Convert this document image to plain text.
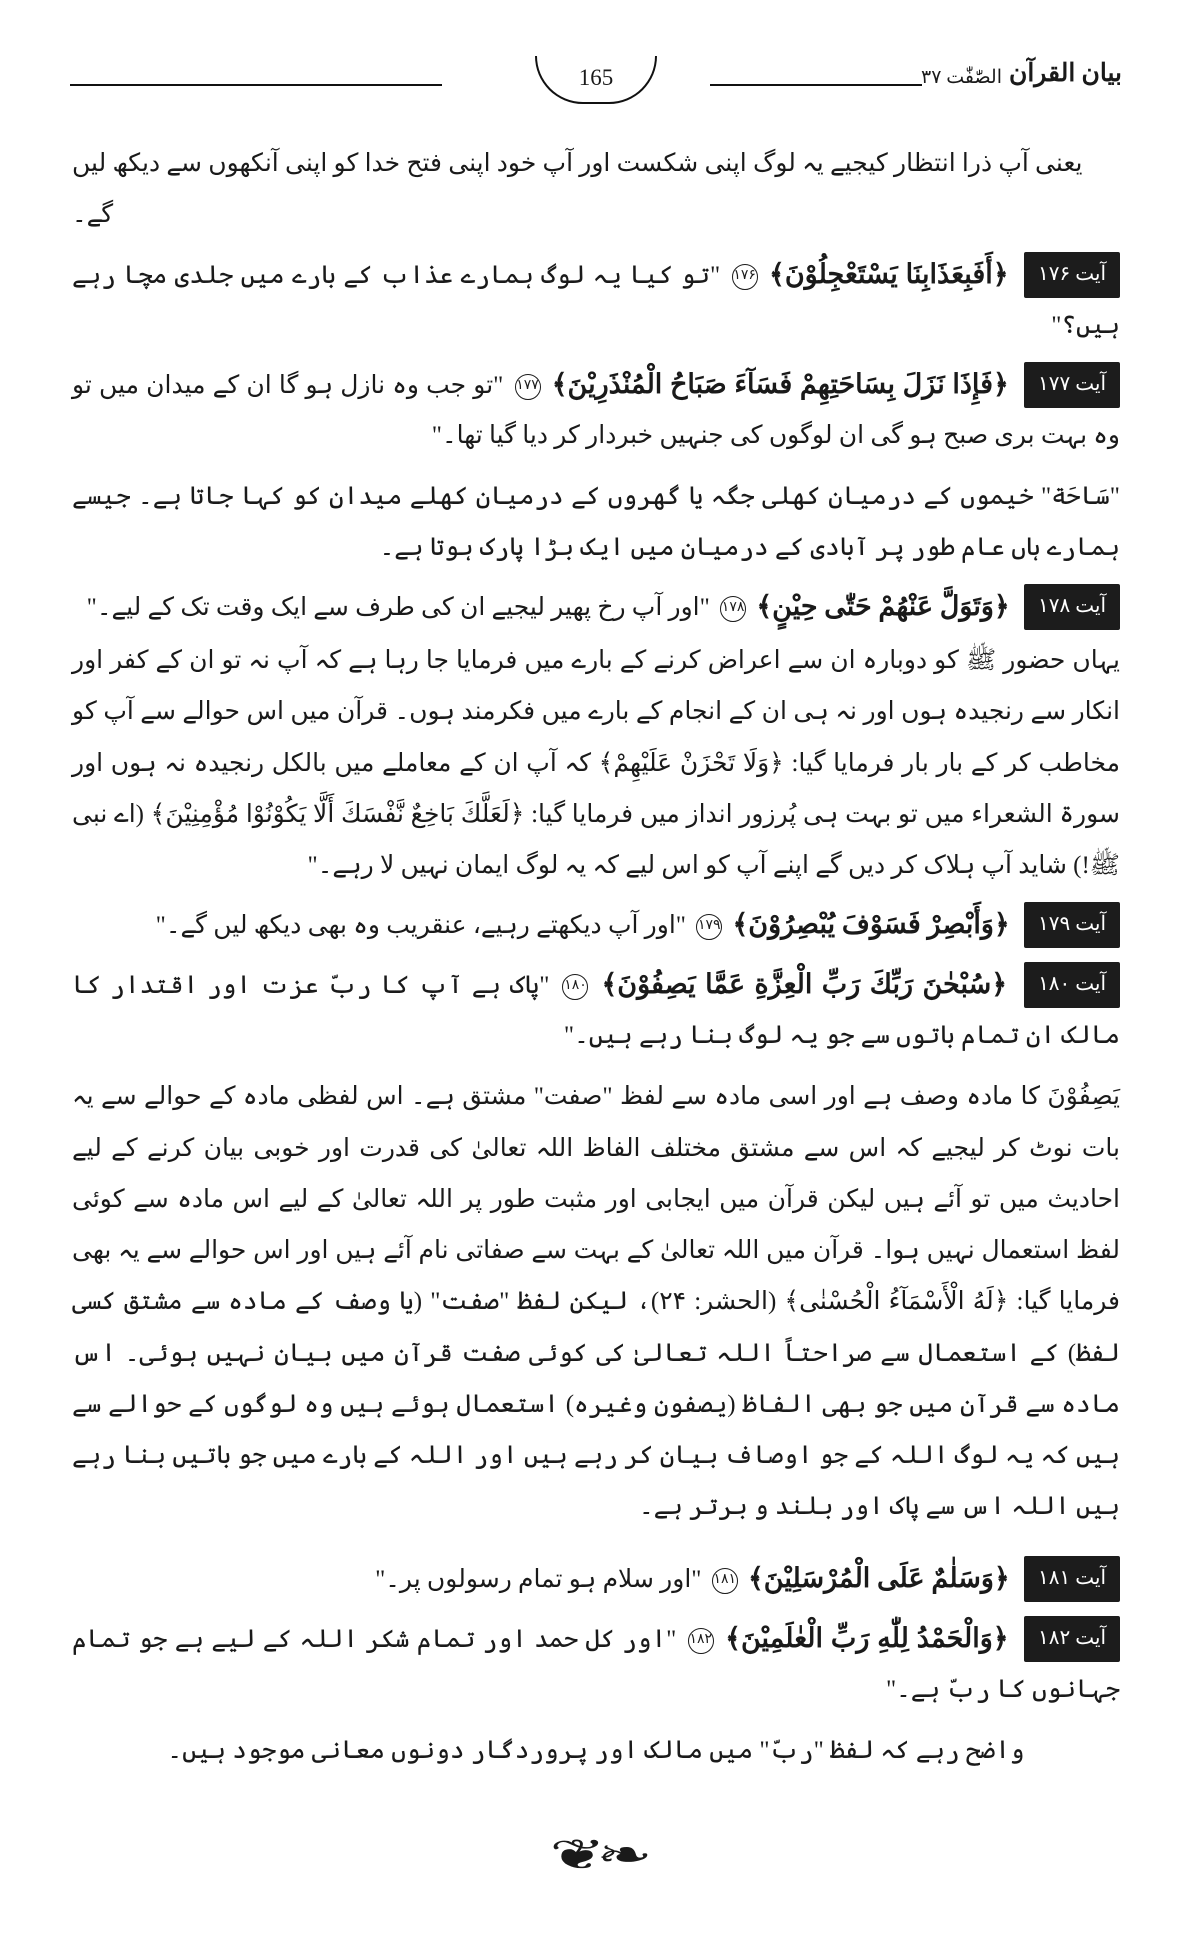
بیان القرآن
الصّٰفّٰت ۳۷
165
یعنی آپ ذرا انتظار کیجیے یہ لوگ اپنی شکست اور آپ خود اپنی فتح خدا کو اپنی آنکھوں سے دیکھ لیں گے۔
آیت ۱۷۶ ﴿أَفَبِعَذَابِنَا يَسْتَعْجِلُوْنَ﴾ ۱۷۶ "تو کیا یہ لوگ ہمارے عذاب کے بارے میں جلدی مچا رہے ہیں؟"
آیت ۱۷۷ ﴿فَإِذَا نَزَلَ بِسَاحَتِهِمْ فَسَآءَ صَبَاحُ الْمُنْذَرِيْنَ﴾ ۱۷۷ "تو جب وہ نازل ہو گا ان کے میدان میں تو وہ بہت بری صبح ہو گی ان لوگوں کی جنہیں خبردار کر دیا گیا تھا۔"
"سَاحَة" خیموں کے درمیان کھلی جگہ یا گھروں کے درمیان کھلے میدان کو کہا جاتا ہے۔ جیسے ہمارے ہاں عام طور پر آبادی کے درمیان میں ایک بڑا پارک ہوتا ہے۔
آیت ۱۷۸ ﴿وَتَوَلَّ عَنْهُمْ حَتّٰى حِيْنٍ﴾ ۱۷۸ "اور آپ رخ پھیر لیجیے ان کی طرف سے ایک وقت تک کے لیے۔"
یہاں حضور ﷺ کو دوبارہ ان سے اعراض کرنے کے بارے میں فرمایا جا رہا ہے کہ آپ نہ تو ان کے کفر اور انکار سے رنجیدہ ہوں اور نہ ہی ان کے انجام کے بارے میں فکرمند ہوں۔ قرآن میں اس حوالے سے آپ کو مخاطب کر کے بار بار فرمایا گیا: ﴿وَلَا تَحْزَنْ عَلَيْهِمْ﴾ کہ آپ ان کے معاملے میں بالکل رنجیدہ نہ ہوں اور سورۃ الشعراء میں تو بہت ہی پُرزور انداز میں فرمایا گیا: ﴿لَعَلَّكَ بَاخِعٌ نَّفْسَكَ أَلَّا يَكُوْنُوْا مُؤْمِنِيْنَ﴾ (اے نبی ﷺ!) شاید آپ ہلاک کر دیں گے اپنے آپ کو اس لیے کہ یہ لوگ ایمان نہیں لا رہے۔"
آیت ۱۷۹ ﴿وَأَبْصِرْ فَسَوْفَ يُبْصِرُوْنَ﴾ ۱۷۹ "اور آپ دیکھتے رہیے، عنقریب وہ بھی دیکھ لیں گے۔"
آیت ۱۸۰ ﴿سُبْحٰنَ رَبِّكَ رَبِّ الْعِزَّةِ عَمَّا يَصِفُوْنَ﴾ ۱۸۰ "پاک ہے آپ کا ربّ عزت اور اقتدار کا مالک ان تمام باتوں سے جو یہ لوگ بنا رہے ہیں۔"
يَصِفُوْنَ کا مادہ وصف ہے اور اسی مادہ سے لفظ "صفت" مشتق ہے۔ اس لفظی مادہ کے حوالے سے یہ بات نوٹ کر لیجیے کہ اس سے مشتق مختلف الفاظ اللہ تعالیٰ کی قدرت اور خوبی بیان کرنے کے لیے احادیث میں تو آئے ہیں لیکن قرآن میں ایجابی اور مثبت طور پر اللہ تعالیٰ کے لیے اس مادہ سے کوئی لفظ استعمال نہیں ہوا۔ قرآن میں اللہ تعالیٰ کے بہت سے صفاتی نام آئے ہیں اور اس حوالے سے یہ بھی فرمایا گیا: ﴿لَهُ الْأَسْمَآءُ الْحُسْنٰى﴾ (الحشر: ۲۴)، لیکن لفظ "صفت" (یا وصف کے مادہ سے مشتق کسی لفظ) کے استعمال سے صراحتاً اللہ تعالیٰ کی کوئی صفت قرآن میں بیان نہیں ہوئی۔ اس مادہ سے قرآن میں جو بھی الفاظ (یصفون وغیرہ) استعمال ہوئے ہیں وہ لوگوں کے حوالے سے ہیں کہ یہ لوگ اللہ کے جو اوصاف بیان کر رہے ہیں اور اللہ کے بارے میں جو باتیں بنا رہے ہیں اللہ اس سے پاک اور بلند و برتر ہے۔
آیت ۱۸۱ ﴿وَسَلٰمٌ عَلَى الْمُرْسَلِيْنَ﴾ ۱۸۱ "اور سلام ہو تمام رسولوں پر۔"
آیت ۱۸۲ ﴿وَالْحَمْدُ لِلّٰهِ رَبِّ الْعٰلَمِيْنَ﴾ ۱۸۲ "اور کل حمد اور تمام شکر اللہ کے لیے ہے جو تمام جہانوں کا ربّ ہے۔"
واضح رہے کہ لفظ "ربّ" میں مالک اور پروردگار دونوں معانی موجود ہیں۔
❦❧
